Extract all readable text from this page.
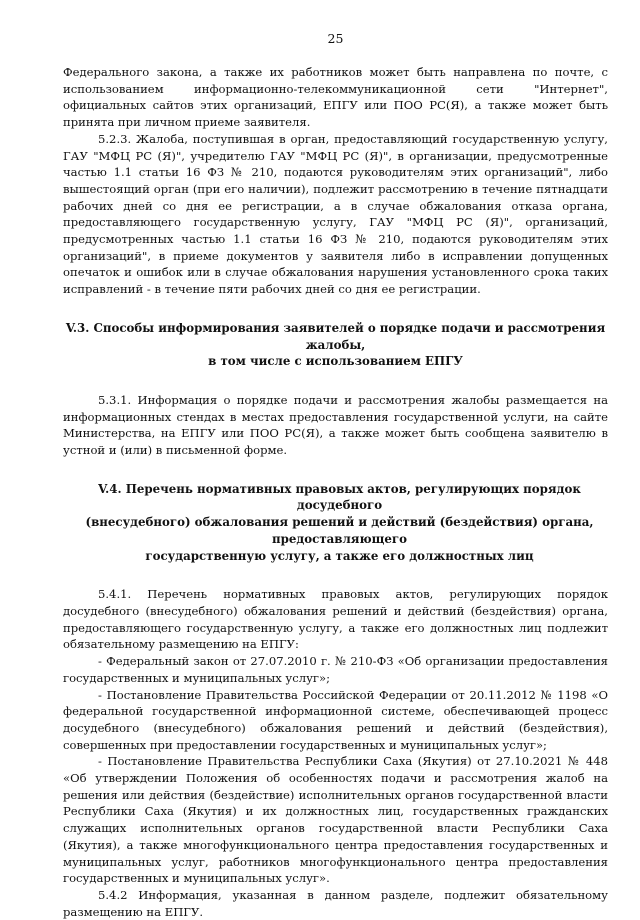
25

Федерального закона, а также их работников может быть направлена по почте, с использованием информационно-телекоммуникационной сети "Интернет", официальных сайтов этих организаций, ЕПГУ или ПОО РС(Я), а также может быть принята при личном приеме заявителя.

5.2.3. Жалоба, поступившая в орган, предоставляющий государственную услугу, ГАУ "МФЦ РС (Я)", учредителю ГАУ "МФЦ РС (Я)", в организации, предусмотренные частью 1.1 статьи 16 ФЗ № 210, подаются руководителям этих организаций", либо вышестоящий орган (при его наличии), подлежит рассмотрению в течение пятнадцати рабочих дней со дня ее регистрации, а в случае обжалования отказа органа, предоставляющего государственную услугу, ГАУ "МФЦ РС (Я)", организаций, предусмотренных частью 1.1 статьи 16 ФЗ № 210, подаются руководителям этих организаций", в приеме документов у заявителя либо в исправлении допущенных опечаток и ошибок или в случае обжалования нарушения установленного срока таких исправлений - в течение пяти рабочих дней со дня ее регистрации.

V.3. Способы информирования заявителей о порядке подачи и рассмотрения жалобы,
в том числе с использованием ЕПГУ

5.3.1. Информация о порядке подачи и рассмотрения жалобы размещается на информационных стендах в местах предоставления государственной услуги, на сайте Министерства, на ЕПГУ или ПОО РС(Я), а также может быть сообщена заявителю в устной и (или) в письменной форме.

V.4. Перечень нормативных правовых актов, регулирующих порядок досудебного
(внесудебного) обжалования решений и действий (бездействия) органа, предоставляющего
государственную услугу, а также его должностных лиц

5.4.1. Перечень нормативных правовых актов, регулирующих порядок досудебного (внесудебного) обжалования решений и действий (бездействия) органа, предоставляющего государственную услугу, а также его должностных лиц подлежит обязательному размещению на ЕПГУ:

- Федеральный закон от 27.07.2010 г. № 210-ФЗ «Об организации предоставления государственных и муниципальных услуг»;

- Постановление Правительства Российской Федерации от 20.11.2012 № 1198 «О федеральной государственной информационной системе, обеспечивающей процесс досудебного (внесудебного) обжалования решений и действий (бездействия), совершенных при предоставлении государственных и муниципальных услуг»;

- Постановление Правительства Республики Саха (Якутия) от 27.10.2021 № 448 «Об утверждении Положения об особенностях подачи и рассмотрения жалоб на решения или действия (бездействие) исполнительных органов государственной власти Республики Саха (Якутия) и их должностных лиц, государственных гражданских служащих исполнительных органов государственной власти Республики Саха (Якутия), а также многофункционального центра предоставления государственных и муниципальных услуг, работников многофункционального центра предоставления государственных и муниципальных услуг».

5.4.2 Информация, указанная в данном разделе, подлежит обязательному размещению на ЕПГУ.
